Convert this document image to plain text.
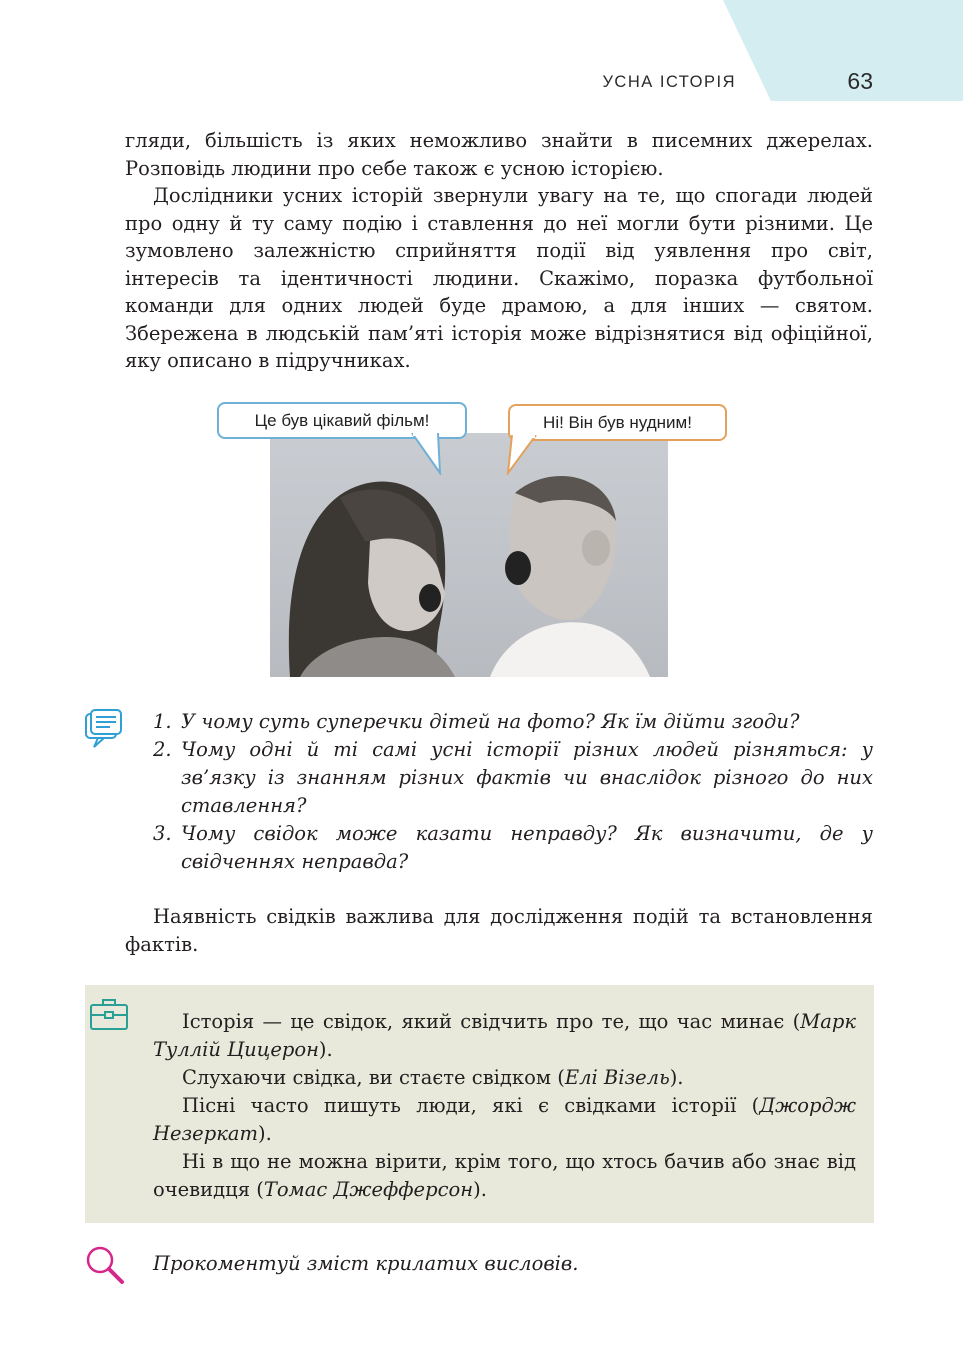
УСНА ІСТОРІЯ	63

гляди, більшість із яких неможливо знайти в писемних джерелах. Розповідь людини про себе також є усною історією.

Дослідники усних історій звернули увагу на те, що спогади людей про одну й ту саму подію і ставлення до неї могли бути різними. Це зумовлено залежністю сприйняття події від уявлення про світ, інтересів та ідентичності людини. Скажімо, поразка футбольної команди для одних людей буде драмою, а для інших — святом. Збережена в людській пам’яті історія може відрізнятися від офіційної, яку описано в підручниках.

Це був цікавий фільм!	Ні! Він був нудним!
1. У чому суть суперечки дітей на фото? Як їм дійти згоди?
2. Чому одні й ті самі усні історії різних людей різняться: у зв’язку із знанням різних фактів чи внаслідок різного до них ставлення?
3. Чому свідок може казати неправду? Як визначити, де у свідченнях неправда?

Наявність свідків важлива для дослідження подій та встановлення фактів.

Історія — це свідок, який свідчить про те, що час минає (Марк Туллій Цицерон).

Слухаючи свідка, ви стаєте свідком (Елі Візель).

Пісні часто пишуть люди, які є свідками історії (Джордж Незеркат).

Ні в що не можна вірити, крім того, що хтось бачив або знає від очевидця (Томас Джефферсон).

Прокоментуй зміст крилатих висловів.
